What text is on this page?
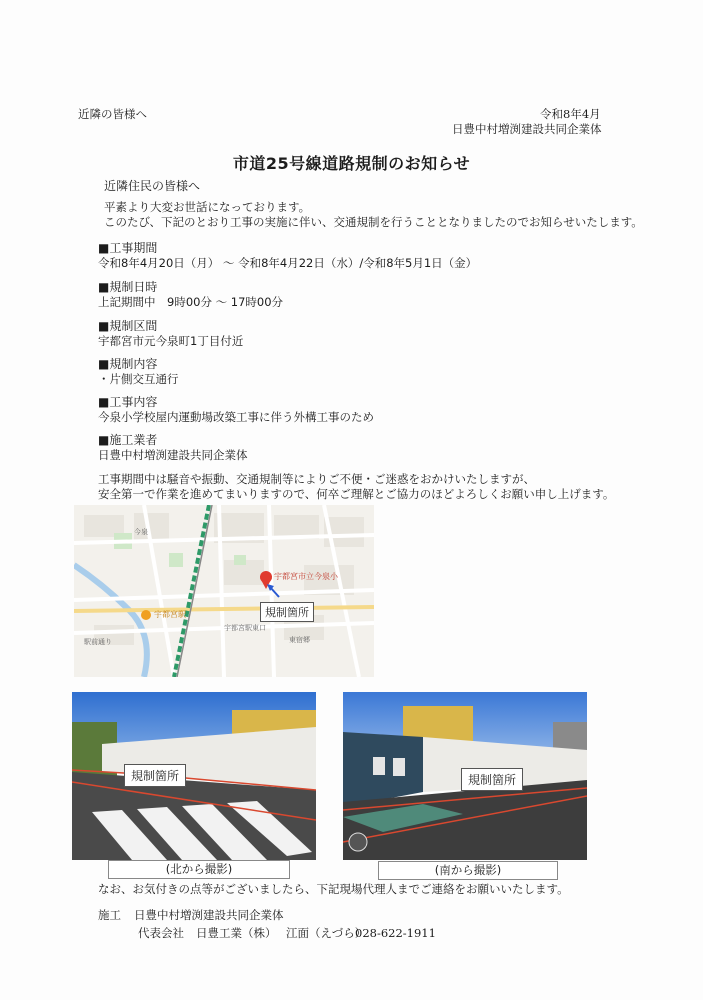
近隣の皆様へ	令和8年4月
日豊中村増渕建設共同企業体
市道25号線道路規制のお知らせ
近隣住民の皆様へ
平素より大変お世話になっております。
このたび、下記のとおり工事の実施に伴い、交通規制を行うこととなりましたのでお知らせいたします。
■工事期間
令和8年4月20日（月） ～ 令和8年4月22日（水）/令和8年5月1日（金）
■規制日時
上記期間中　9時00分 ～ 17時00分
■規制区間
宇都宮市元今泉町1丁目付近
■規制内容
・片側交互通行
■工事内容
今泉小学校屋内運動場改築工事に伴う外構工事のため
■施工業者
日豊中村増渕建設共同企業体
工事期間中は騒音や振動、交通規制等によりご不便・ご迷惑をおかけいたしますが、
安全第一で作業を進めてまいりますので、何卒ご理解とご協力のほどよろしくお願い申し上げます。
宇都宮市立今泉小
規制箇所
宇都宮駅
今泉
駅前通り
宇都宮駅東口
東宿郷
規制箇所	規制箇所
(北から撮影)	(南から撮影)
なお、お気付きの点等がございましたら、下記現場代理人までご連絡をお願いいたします。
施工 日豊中村増渕建設共同企業体
代表会社 日豊工業（株） 江面（えづら）
028-622-1911
